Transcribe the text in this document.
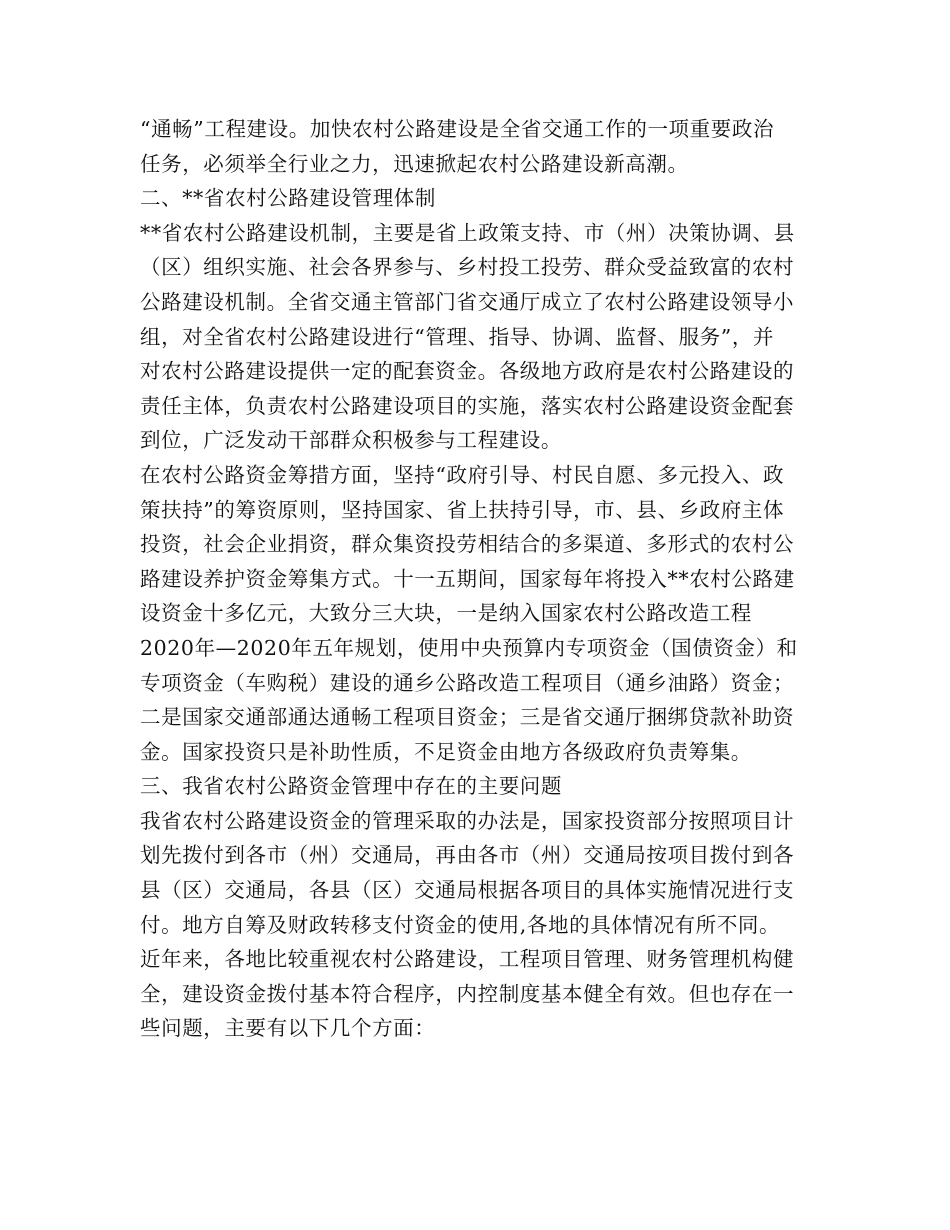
“通畅”工程建设。加快农村公路建设是全省交通工作的一项重要政治
任务，必须举全行业之力，迅速掀起农村公路建设新高潮。
二、**省农村公路建设管理体制
**省农村公路建设机制，主要是省上政策支持、市（州）决策协调、县
（区）组织实施、社会各界参与、乡村投工投劳、群众受益致富的农村
公路建设机制。全省交通主管部门省交通厅成立了农村公路建设领导小
组，对全省农村公路建设进行“管理、指导、协调、监督、服务”，并
对农村公路建设提供一定的配套资金。各级地方政府是农村公路建设的
责任主体，负责农村公路建设项目的实施，落实农村公路建设资金配套
到位，广泛发动干部群众积极参与工程建设。
在农村公路资金筹措方面，坚持“政府引导、村民自愿、多元投入、政
策扶持”的筹资原则，坚持国家、省上扶持引导，市、县、乡政府主体
投资，社会企业捐资，群众集资投劳相结合的多渠道、多形式的农村公
路建设养护资金筹集方式。十一五期间，国家每年将投入**农村公路建
设资金十多亿元，大致分三大块，一是纳入国家农村公路改造工程
2020年—2020年五年规划，使用中央预算内专项资金（国债资金）和
专项资金（车购税）建设的通乡公路改造工程项目（通乡油路）资金；
二是国家交通部通达通畅工程项目资金；三是省交通厅捆绑贷款补助资
金。国家投资只是补助性质，不足资金由地方各级政府负责筹集。
三、我省农村公路资金管理中存在的主要问题
我省农村公路建设资金的管理采取的办法是，国家投资部分按照项目计
划先拨付到各市（州）交通局，再由各市（州）交通局按项目拨付到各
县（区）交通局，各县（区）交通局根据各项目的具体实施情况进行支
付。地方自筹及财政转移支付资金的使用,各地的具体情况有所不同。
近年来，各地比较重视农村公路建设，工程项目管理、财务管理机构健
全，建设资金拨付基本符合程序，内控制度基本健全有效。但也存在一
些问题，主要有以下几个方面：
